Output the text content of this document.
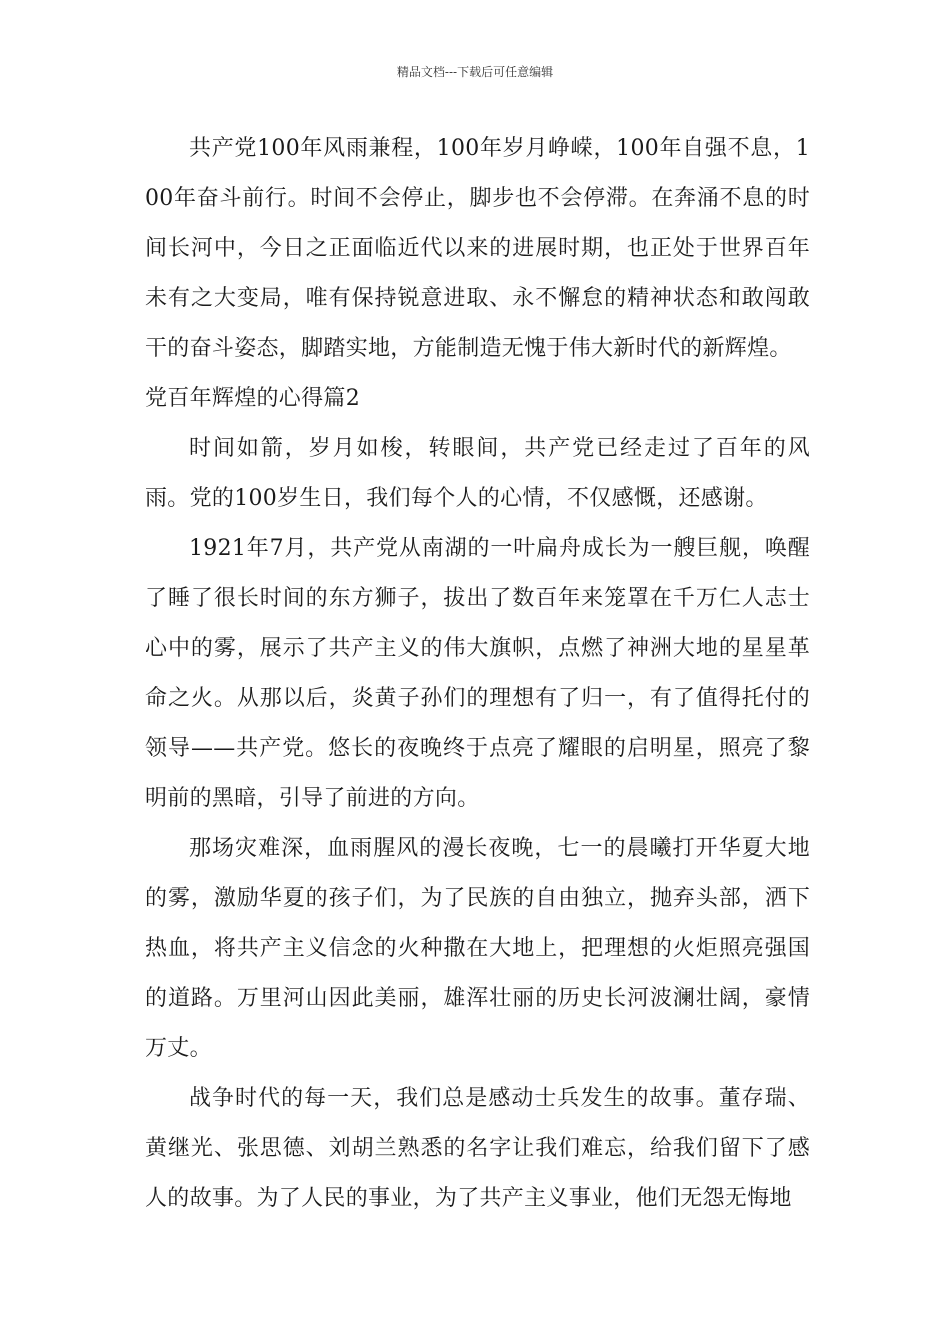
精品文档---下载后可任意编辑

共产党100年风雨兼程，100年岁月峥嵘，100年自强不息，100年奋斗前行。时间不会停止，脚步也不会停滞。在奔涌不息的时间长河中，今日之正面临近代以来的进展时期，也正处于世界百年未有之大变局，唯有保持锐意进取、永不懈怠的精神状态和敢闯敢干的奋斗姿态，脚踏实地，方能制造无愧于伟大新时代的新辉煌。

党百年辉煌的心得篇2

时间如箭，岁月如梭，转眼间，共产党已经走过了百年的风雨。党的100岁生日，我们每个人的心情，不仅感慨，还感谢。

1921年7月，共产党从南湖的一叶扁舟成长为一艘巨舰，唤醒了睡了很长时间的东方狮子，拔出了数百年来笼罩在千万仁人志士心中的雾，展示了共产主义的伟大旗帜，点燃了神洲大地的星星革命之火。从那以后，炎黄子孙们的理想有了归一，有了值得托付的领导——共产党。悠长的夜晚终于点亮了耀眼的启明星，照亮了黎明前的黑暗，引导了前进的方向。

那场灾难深，血雨腥风的漫长夜晚，七一的晨曦打开华夏大地的雾，激励华夏的孩子们，为了民族的自由独立，抛弃头部，洒下热血，将共产主义信念的火种撒在大地上，把理想的火炬照亮强国的道路。万里河山因此美丽，雄浑壮丽的历史长河波澜壮阔，豪情万丈。

战争时代的每一天，我们总是感动士兵发生的故事。董存瑞、黄继光、张思德、刘胡兰熟悉的名字让我们难忘，给我们留下了感人的故事。为了人民的事业，为了共产主义事业，他们无怨无悔地
